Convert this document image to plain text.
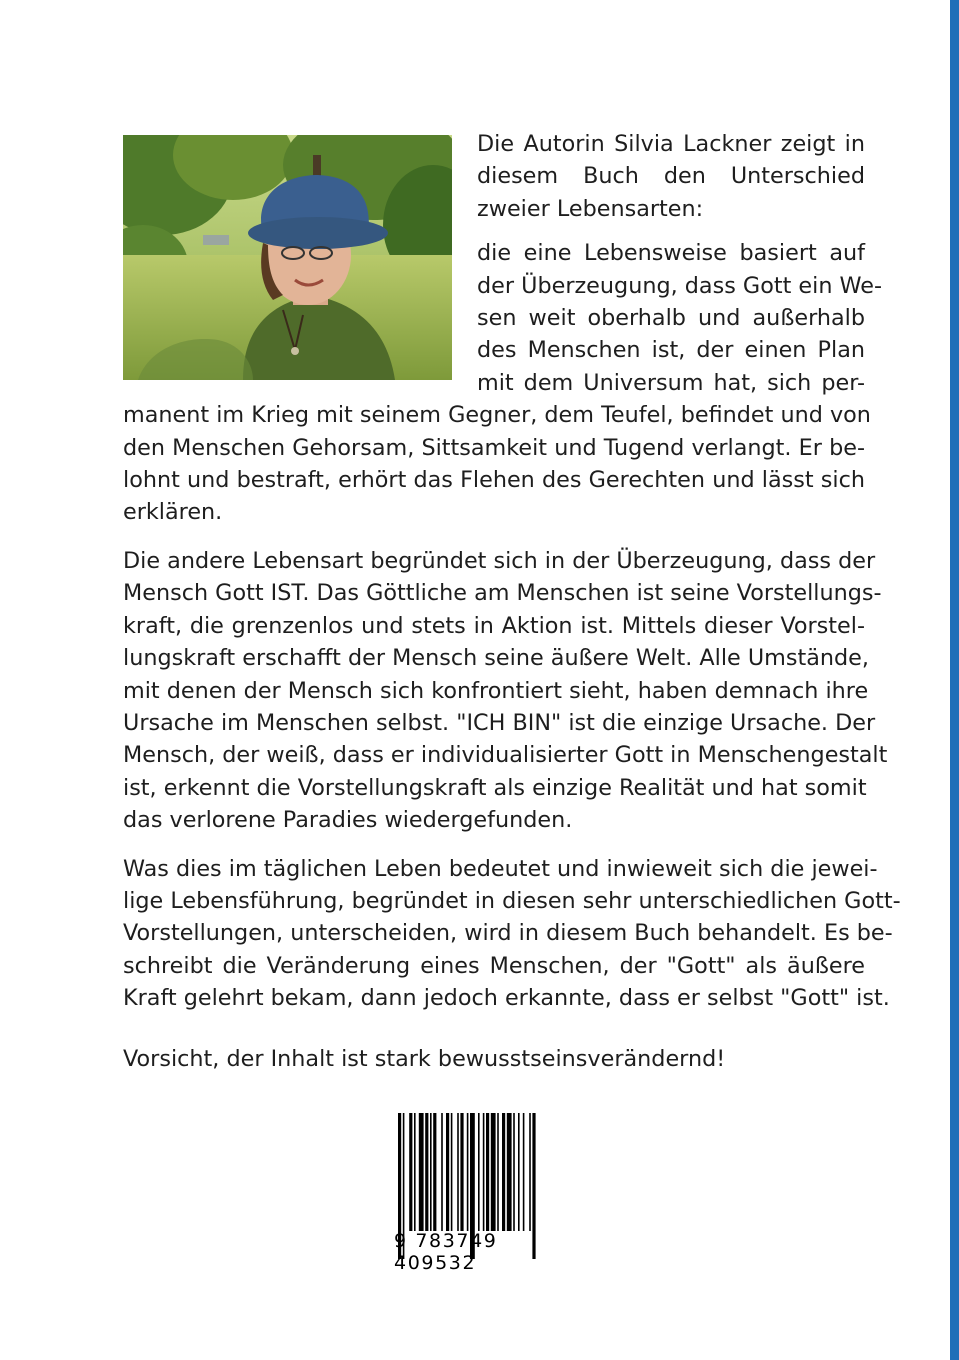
Die Autorin Silvia Lackner zeigt in
diesem Buch den Unterschied
zweier Lebensarten:
die eine Lebensweise basiert auf
der Überzeugung, dass Gott ein We-
sen weit oberhalb und außerhalb
des Menschen ist, der einen Plan
mit dem Universum hat, sich per-
manent im Krieg mit seinem Gegner, dem Teufel, befindet und von
den Menschen Gehorsam, Sittsamkeit und Tugend verlangt. Er be-
lohnt und bestraft, erhört das Flehen des Gerechten und lässt sich
erklären.
Die andere Lebensart begründet sich in der Überzeugung, dass der
Mensch Gott IST. Das Göttliche am Menschen ist seine Vorstellungs-
kraft, die grenzenlos und stets in Aktion ist. Mittels dieser Vorstel-
lungskraft erschafft der Mensch seine äußere Welt. Alle Umstände,
mit denen der Mensch sich konfrontiert sieht, haben demnach ihre
Ursache im Menschen selbst. "ICH BIN" ist die einzige Ursache. Der
Mensch, der weiß, dass er individualisierter Gott in Menschengestalt
ist, erkennt die Vorstellungskraft als einzige Realität und hat somit
das verlorene Paradies wiedergefunden.
Was dies im täglichen Leben bedeutet und inwieweit sich die jewei-
lige Lebensführung, begründet in diesen sehr unterschiedlichen Gott-
Vorstellungen, unterscheiden, wird in diesem Buch behandelt. Es be-
schreibt die Veränderung eines Menschen, der "Gott" als äußere
Kraft gelehrt bekam, dann jedoch erkannte, dass er selbst "Gott" ist.
Vorsicht, der Inhalt ist stark bewusstseinsverändernd!
9 783749 409532
